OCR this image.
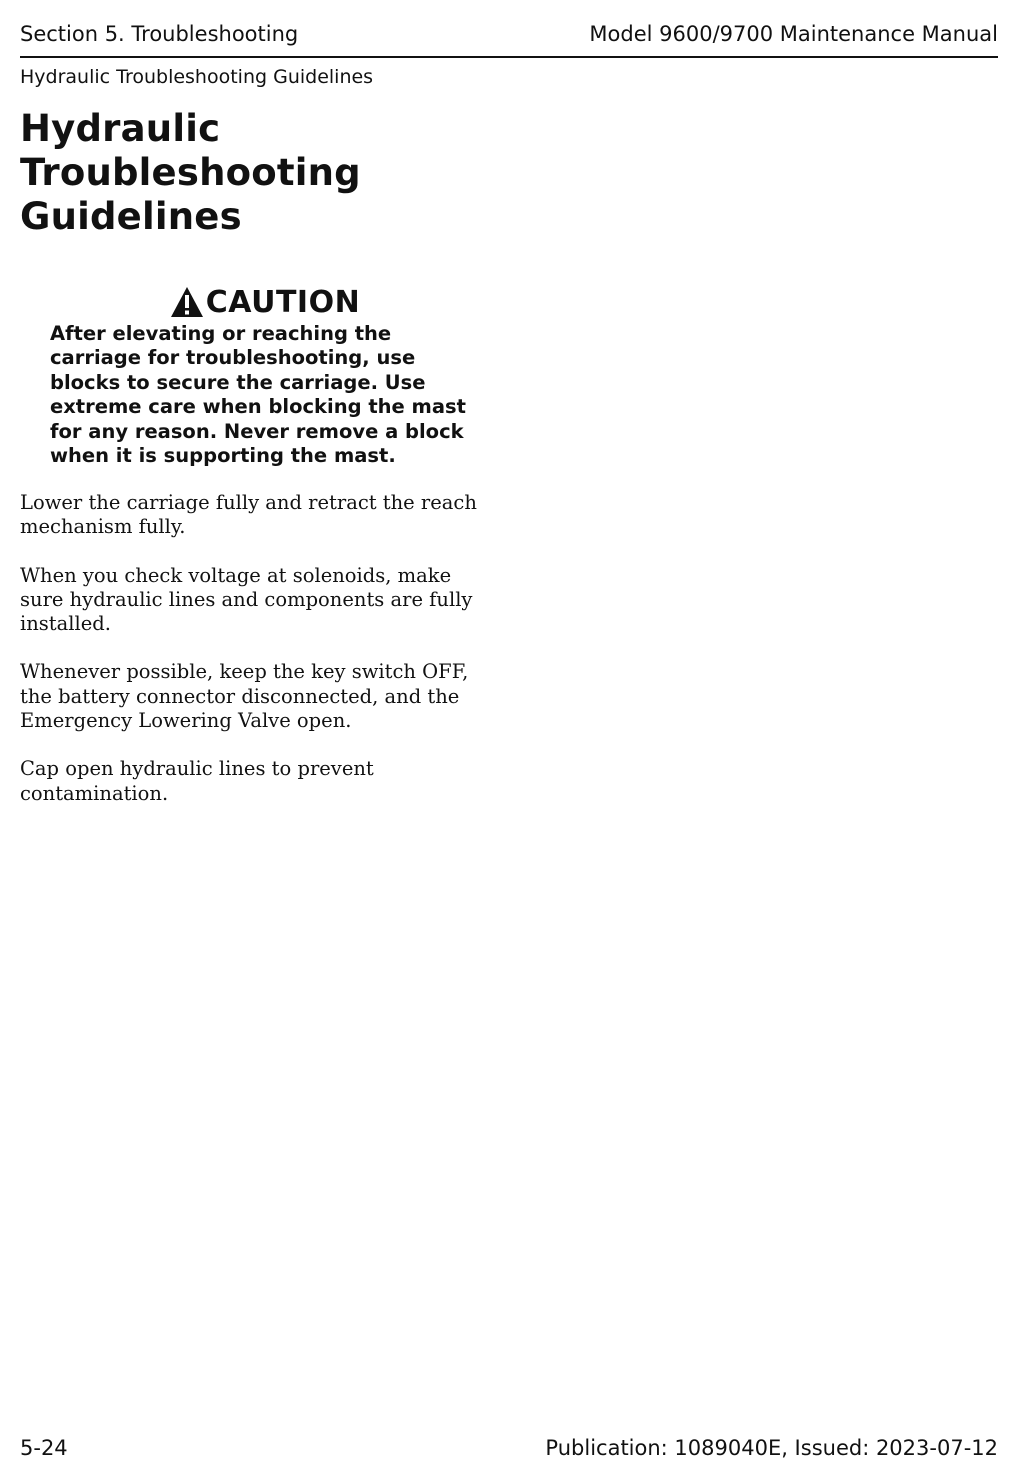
Section 5. Troubleshooting	Model 9600/9700 Maintenance Manual
Hydraulic Troubleshooting Guidelines
Hydraulic
Troubleshooting
Guidelines
CAUTION

After elevating or reaching the carriage for troubleshooting, use blocks to secure the carriage. Use extreme care when blocking the mast for any reason. Never remove a block when it is supporting the mast.

Lower the carriage fully and retract the reach mechanism fully.

When you check voltage at solenoids, make sure hydraulic lines and components are fully installed.

Whenever possible, keep the key switch OFF, the battery connector disconnected, and the Emergency Lowering Valve open.

Cap open hydraulic lines to prevent contamination.

5-24	Publication: 1089040E, Issued: 2023-07-12
